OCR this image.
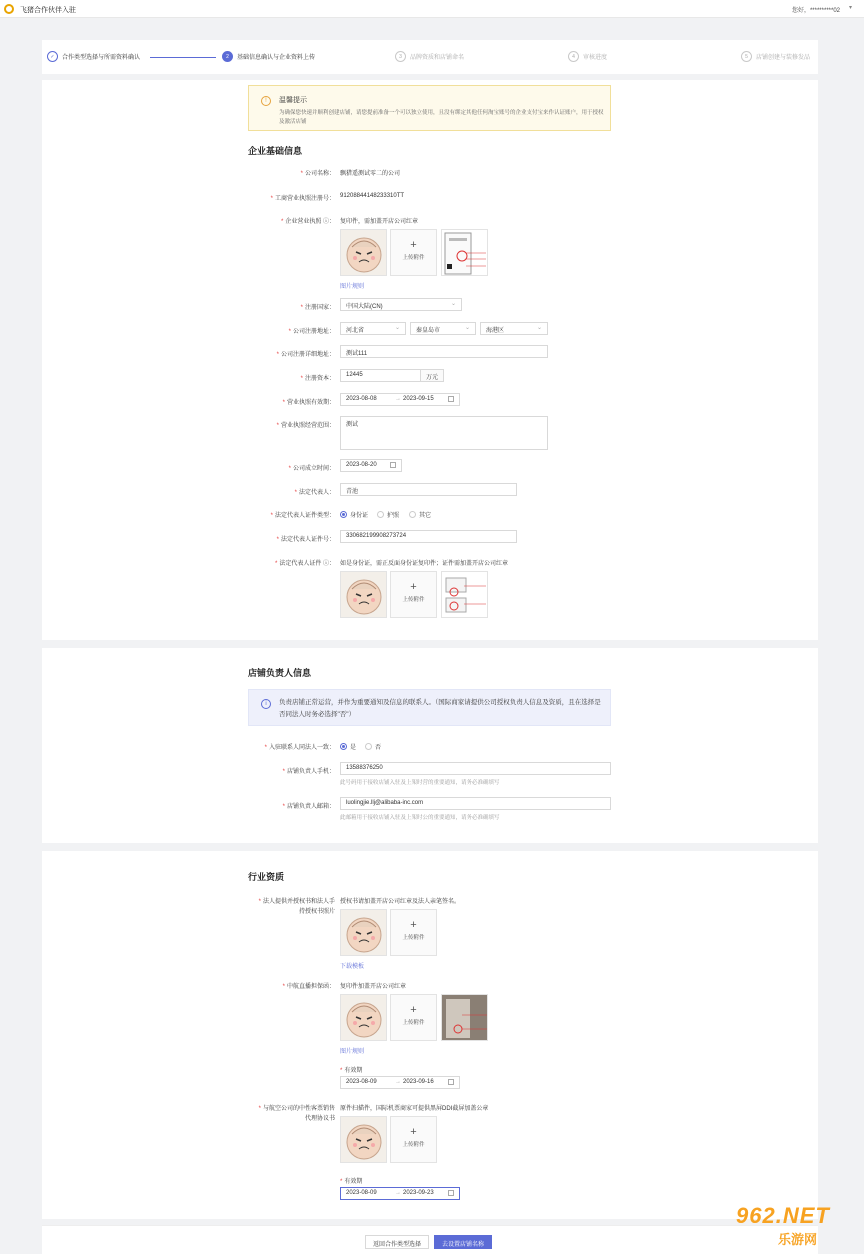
飞猪合作伙伴入驻	您好，**********02 ▾
✓	合作类型选择与所需资料确认	2	基础信息确认与企业资料上传	3	品牌资质和店铺命名	4	审核进度	5	店铺创建与装修发品
!	温馨提示
为确保您快速并顺利创建店铺，请您提前准备一个可以独立使用，且没有绑定其他任何淘宝账号的企业支付宝来作认证账户，用于授权及激活店铺
企业基础信息
* 公司名称： 飘猎遥测试零二的公司
* 工商营业执照注册号： 91208844148233310TT
* 企业营业执照 ⓘ： 复印件，需加盖开店公司红章
+
上传附件
图片规则
* 注册国家：	中国大陆(CN)	⌄
* 公司注册地址：	河北省	⌄	秦皇岛市	⌄	海港区	⌄
* 公司注册详细地址：	测试111
* 注册资本：
12445	万元
* 营业执照有效期：
2023-08-08	→ 2023-09-15
* 营业执照经营范围：	测试
* 公司成立时间：
2023-08-20
* 法定代表人：	青池
* 法定代表人证件类型：	身份证	护照	其它
* 法定代表人证件号：
330682199908273724
* 法定代表人证件 ⓘ： 如是身份证，需正反面身份证复印件；证件需加盖开店公司红章
+
上传附件
店铺负责人信息
i	负责店铺正常运营，并作为重要通知及信息的联系人。（国际商家请提供公司授权负责人信息及资质，且在选择是否同法人时务必选择"否"）
* 入驻联系人同法人一致：	是	否
* 店铺负责人手机：
13588376250
此号码用于接收店铺入驻及上架时营的重要通知，请务必准确填写
* 店铺负责人邮箱：
luolingjie.llj@alibaba-inc.com
此邮箱用于接收店铺入驻及上架时公的重要通知，请务必准确填写
行业资质
* 法人提供并授权书和法人手
持授权书照片
授权书请加盖开店公司红章及法人亲笔签名。
+
上传附件
下载模板
* 中航直播担保函： 复印件加盖开店公司红章
+
上传附件
图片规则
* 有效期
2023-08-09	→ 2023-09-16
* 与航空公司的中性客票销售
代理协议书
原件扫描件，国际机票商家可提供黑屏DDI截屏加盖公章
+
上传附件
* 有效期
2023-08-09	→ 2023-09-23
返回合作类型选择	去设置店铺名称
962.NET
乐游网
